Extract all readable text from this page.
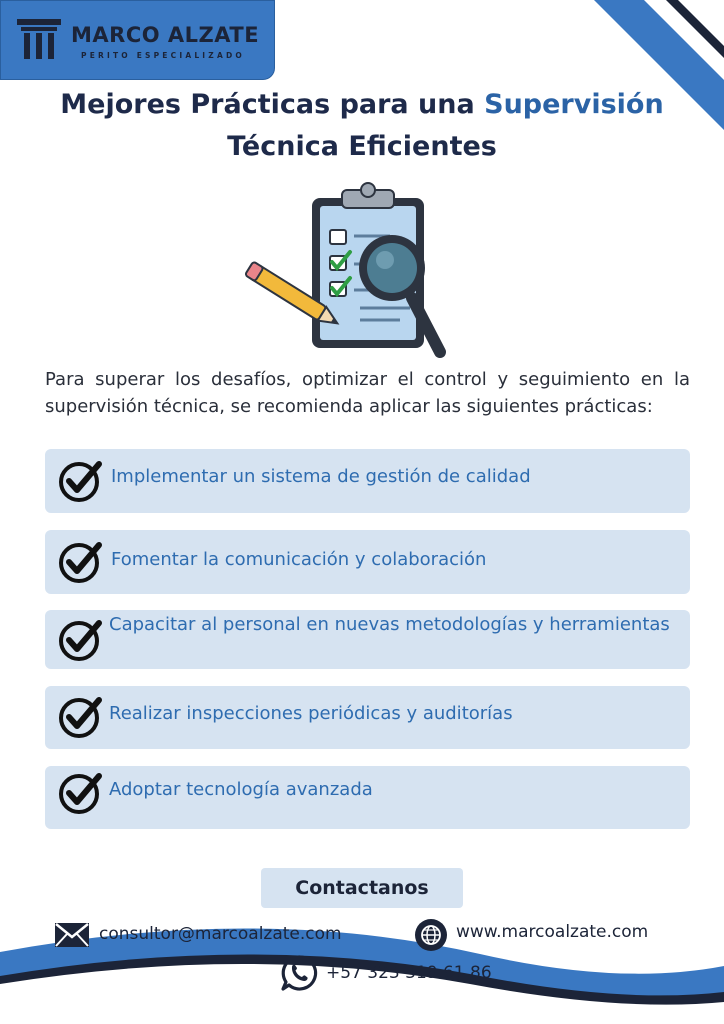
MARCO ALZATE
PERITO ESPECIALIZADO
Mejores Prácticas para una Supervisión
Técnica Eficientes
Para superar los desafíos, optimizar el control y seguimiento en la supervisión técnica, se recomienda aplicar las siguientes prácticas:
Implementar un sistema de gestión de calidad
Fomentar la comunicación y colaboración
Capacitar al personal en nuevas metodologías y herramientas
Realizar inspecciones periódicas y auditorías
Adoptar tecnología avanzada
Contactanos
consultor@marcoalzate.com	www.marcoalzate.com
+57 323 319 61 86
